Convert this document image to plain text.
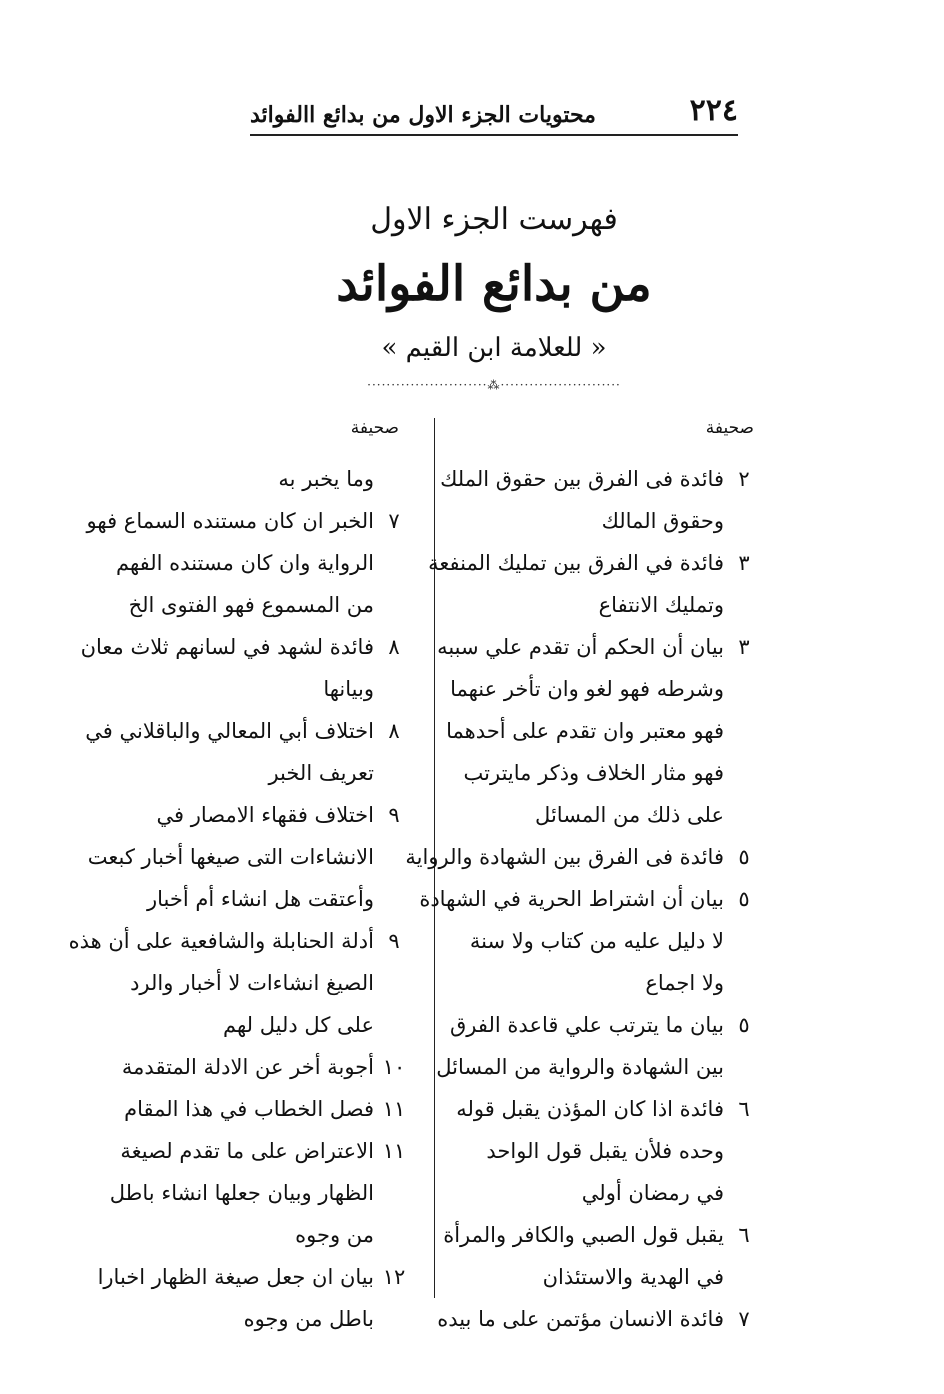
٢٢٤
محتويات الجزء الاول من بدائع االفوائد
فهرست الجزء الاول
من بدائع الفوائد
« للعلامة ابن القيم »
·························⁂·························
صحيفة
صحيفة
٢
فائدة فى الفرق بين حقوق الملك
وحقوق المالك
٣
فائدة في الفرق بين تمليك المنفعة
وتمليك الانتفاع
٣
بيان أن الحكم أن تقدم علي سببه
وشرطه فهو لغو وان تأخر عنهما
فهو معتبر وان تقدم على أحدهما
فهو مثار الخلاف وذكر مايترتب
على ذلك من المسائل
٥
فائدة فى الفرق بين الشهادة والرواية
٥
بيان أن اشتراط الحرية في الشهادة
لا دليل عليه من كتاب ولا سنة
ولا اجماع
٥
بيان ما يترتب علي قاعدة الفرق
بين الشهادة والرواية من المسائل
٦
فائدة اذا كان المؤذن يقبل قوله
وحده فلأن يقبل قول الواحد
في رمضان أولي
٦
يقبل قول الصبي والكافر والمرأة
في الهدية والاستئذان
٧
فائدة الانسان مؤتمن على ما بيده
وما يخبر به
٧
الخبر ان كان مستنده السماع فهو
الرواية وان كان مستنده الفهم
من المسموع فهو الفتوى الخ
٨
فائدة لشهد في لسانهم ثلاث معان
وبيانها
٨
اختلاف أبي المعالي والباقلاني في
تعريف الخبر
٩
اختلاف فقهاء الامصار في
الانشاءات التى صيغها أخبار كبعت
وأعتقت هل انشاء أم أخبار
٩
أدلة الحنابلة والشافعية على أن هذه
الصيغ انشاءات لا أخبار والرد
على كل دليل لهم
١٠
أجوبة أخر عن الادلة المتقدمة
١١
فصل الخطاب في هذا المقام
١١
الاعتراض على ما تقدم لصيغة
الظهار وبيان جعلها انشاء باطل
من وجوه
١٢
بيان ان جعل صيغة الظهار اخبارا
باطل من وجوه
